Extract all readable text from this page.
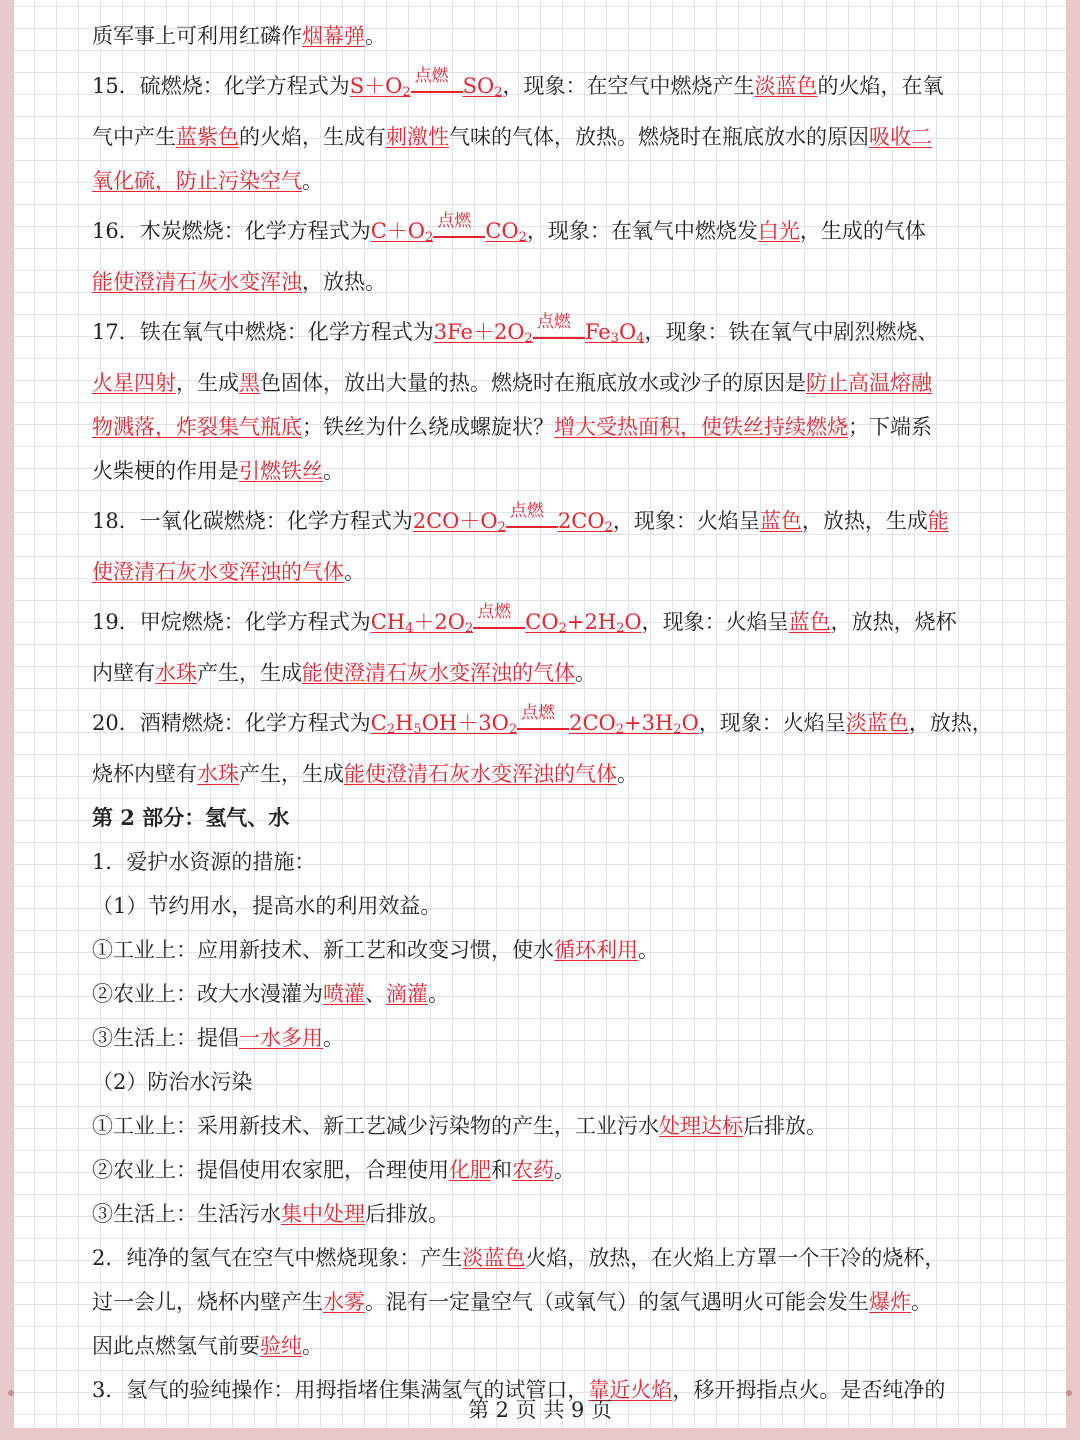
质军事上可利用红磷作烟幕弹。

15．硫燃烧：化学方程式为$S+O_2$
点燃 $SO_2$，现象：在空气中燃烧产生淡蓝色的火焰，在氧

气中产生蓝紫色的火焰，生成有刺激性气味的气体，放热。燃烧时在瓶底放水的原因吸收二

氧化硫，防止污染空气。

16．木炭燃烧：化学方程式为$C+O_2$
点燃 $CO_2$，现象：在氧气中燃烧发白光，生成的气体

能使澄清石灰水变浑浊，放热。

17．铁在氧气中燃烧：化学方程式为$3Fe+2O_2$
点燃 $Fe_3O_4$，现象：铁在氧气中剧烈燃烧、

火星四射，生成黑色固体，放出大量的热。燃烧时在瓶底放水或沙子的原因是防止高温熔融

物溅落，炸裂集气瓶底；铁丝为什么绕成螺旋状？增大受热面积，使铁丝持续燃烧；下端系

火柴梗的作用是引燃铁丝。

18．一氧化碳燃烧：化学方程式为$2CO+O_2$
点燃 $2CO_2$，现象：火焰呈蓝色，放热，生成能

使澄清石灰水变浑浊的气体。

19．甲烷燃烧：化学方程式为$CH_4+2O_2$
点燃 $CO_2+2H_2O$，现象：火焰呈蓝色，放热，烧杯

内壁有水珠产生，生成能使澄清石灰水变浑浊的气体。

20．酒精燃烧：化学方程式为$C_2H_5OH+3O_2$
点燃 $2CO_2+3H_2O$，现象：火焰呈淡蓝色，放热，

烧杯内壁有水珠产生，生成能使澄清石灰水变浑浊的气体。

第 2 部分：氢气、水

1．爱护水资源的措施：

（1）节约用水，提高水的利用效益。

①工业上：应用新技术、新工艺和改变习惯，使水循环利用。

②农业上：改大水漫灌为喷灌、滴灌。

③生活上：提倡一水多用。

（2）防治水污染

①工业上：采用新技术、新工艺减少污染物的产生，工业污水处理达标后排放。

②农业上：提倡使用农家肥，合理使用化肥和农药。

③生活上：生活污水集中处理后排放。

2．纯净的氢气在空气中燃烧现象：产生淡蓝色火焰，放热，在火焰上方罩一个干冷的烧杯，

过一会儿，烧杯内壁产生水雾。混有一定量空气（或氧气）的氢气遇明火可能会发生爆炸。

因此点燃氢气前要验纯。

3．氢气的验纯操作：用拇指堵住集满氢气的试管口，靠近火焰，移开拇指点火。是否纯净的

第 2 页 共 9 页
